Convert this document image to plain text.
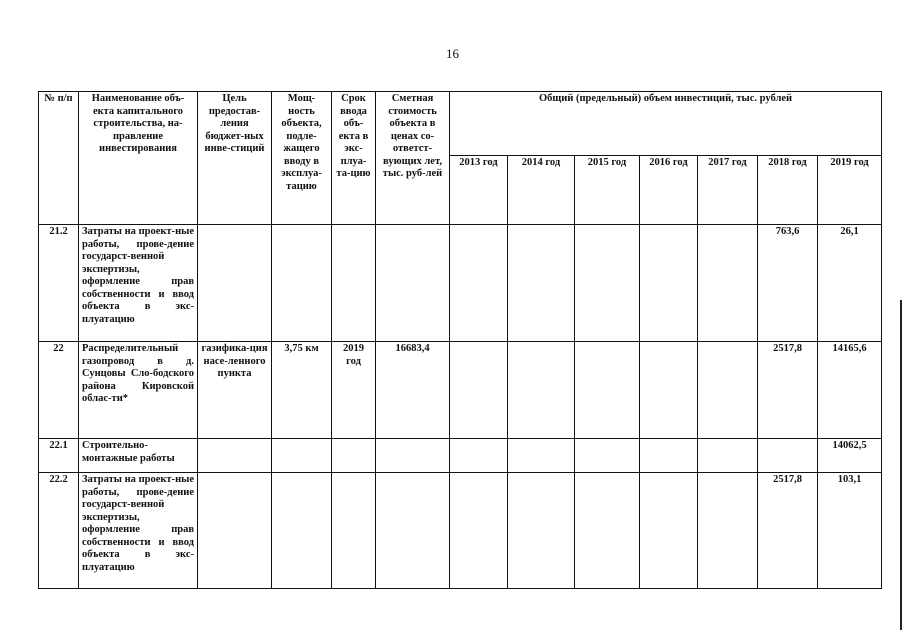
16
№ п/п	Наименование объ-екта капитального строительства, на-правление инвестирования	Цель предостав-ления бюджет-ных инве-стиций	Мощ-ность объекта, подле-жащего вводу в эксплуа-тацию	Срок ввода объ-екта в экс-плуа-та-цию	Сметная стоимость объекта в ценах со-ответст-вующих лет, тыс. руб-лей	Общий (предельный) объем инвестиций, тыс. рублей						
						2013 год	2014 год	2015 год	2016 год	2017 год	2018 год	2019 год
21.2	Затраты на проект-ные работы, прове-дение государст-венной экспертизы, оформление прав собственности и ввод объекта в экс-плуатацию										763,6	26,1
22	Распределительный газопровод в д. Сунцовы Сло-бодского района Кировской облас-ти*	газифика-ция насе-ленного пункта	3,75 км	2019 год	16683,4						2517,8	14165,6
22.1	Строительно-монтажные работы											14062,5
22.2	Затраты на проект-ные работы, прове-дение государст-венной экспертизы, оформление прав собственности и ввод объекта в экс-плуатацию										2517,8	103,1
